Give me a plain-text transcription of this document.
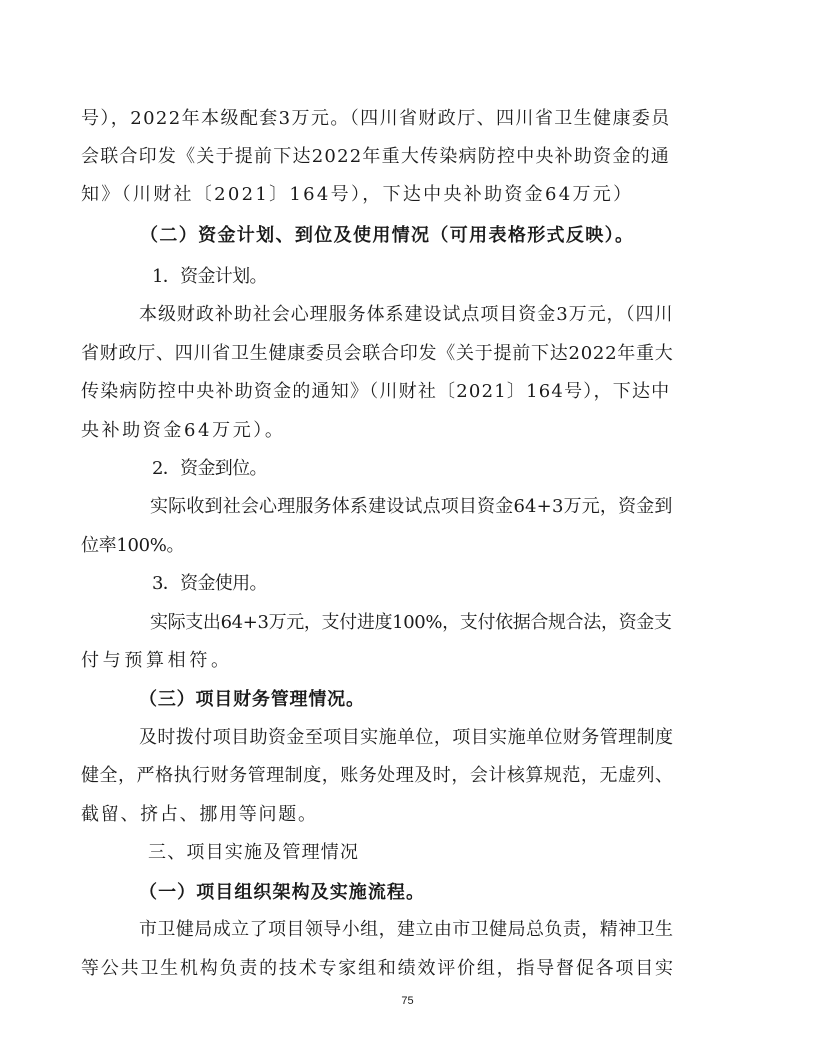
号），2022年本级配套3万元。（四川省财政厅、四川省卫生健康委员
会联合印发《关于提前下达2022年重大传染病防控中央补助资金的通
知》（川财社〔2021〕164号），下达中央补助资金64万元）
（二）资金计划、到位及使用情况（可用表格形式反映）。
1．资金计划。
本级财政补助社会心理服务体系建设试点项目资金3万元，（四川
省财政厅、四川省卫生健康委员会联合印发《关于提前下达2022年重大
传染病防控中央补助资金的通知》（川财社〔2021〕164号），下达中
央补助资金64万元）。
2．资金到位。
实际收到社会心理服务体系建设试点项目资金64+3万元，资金到
位率100%。
3．资金使用。
实际支出64+3万元，支付进度100%，支付依据合规合法，资金支
付与预算相符。
（三）项目财务管理情况。
及时拨付项目助资金至项目实施单位，项目实施单位财务管理制度
健全，严格执行财务管理制度，账务处理及时，会计核算规范，无虚列、
截留、挤占、挪用等问题。
三、项目实施及管理情况
（一）项目组织架构及实施流程。
市卫健局成立了项目领导小组，建立由市卫健局总负责，精神卫生
等公共卫生机构负责的技术专家组和绩效评价组，指导督促各项目实
75
